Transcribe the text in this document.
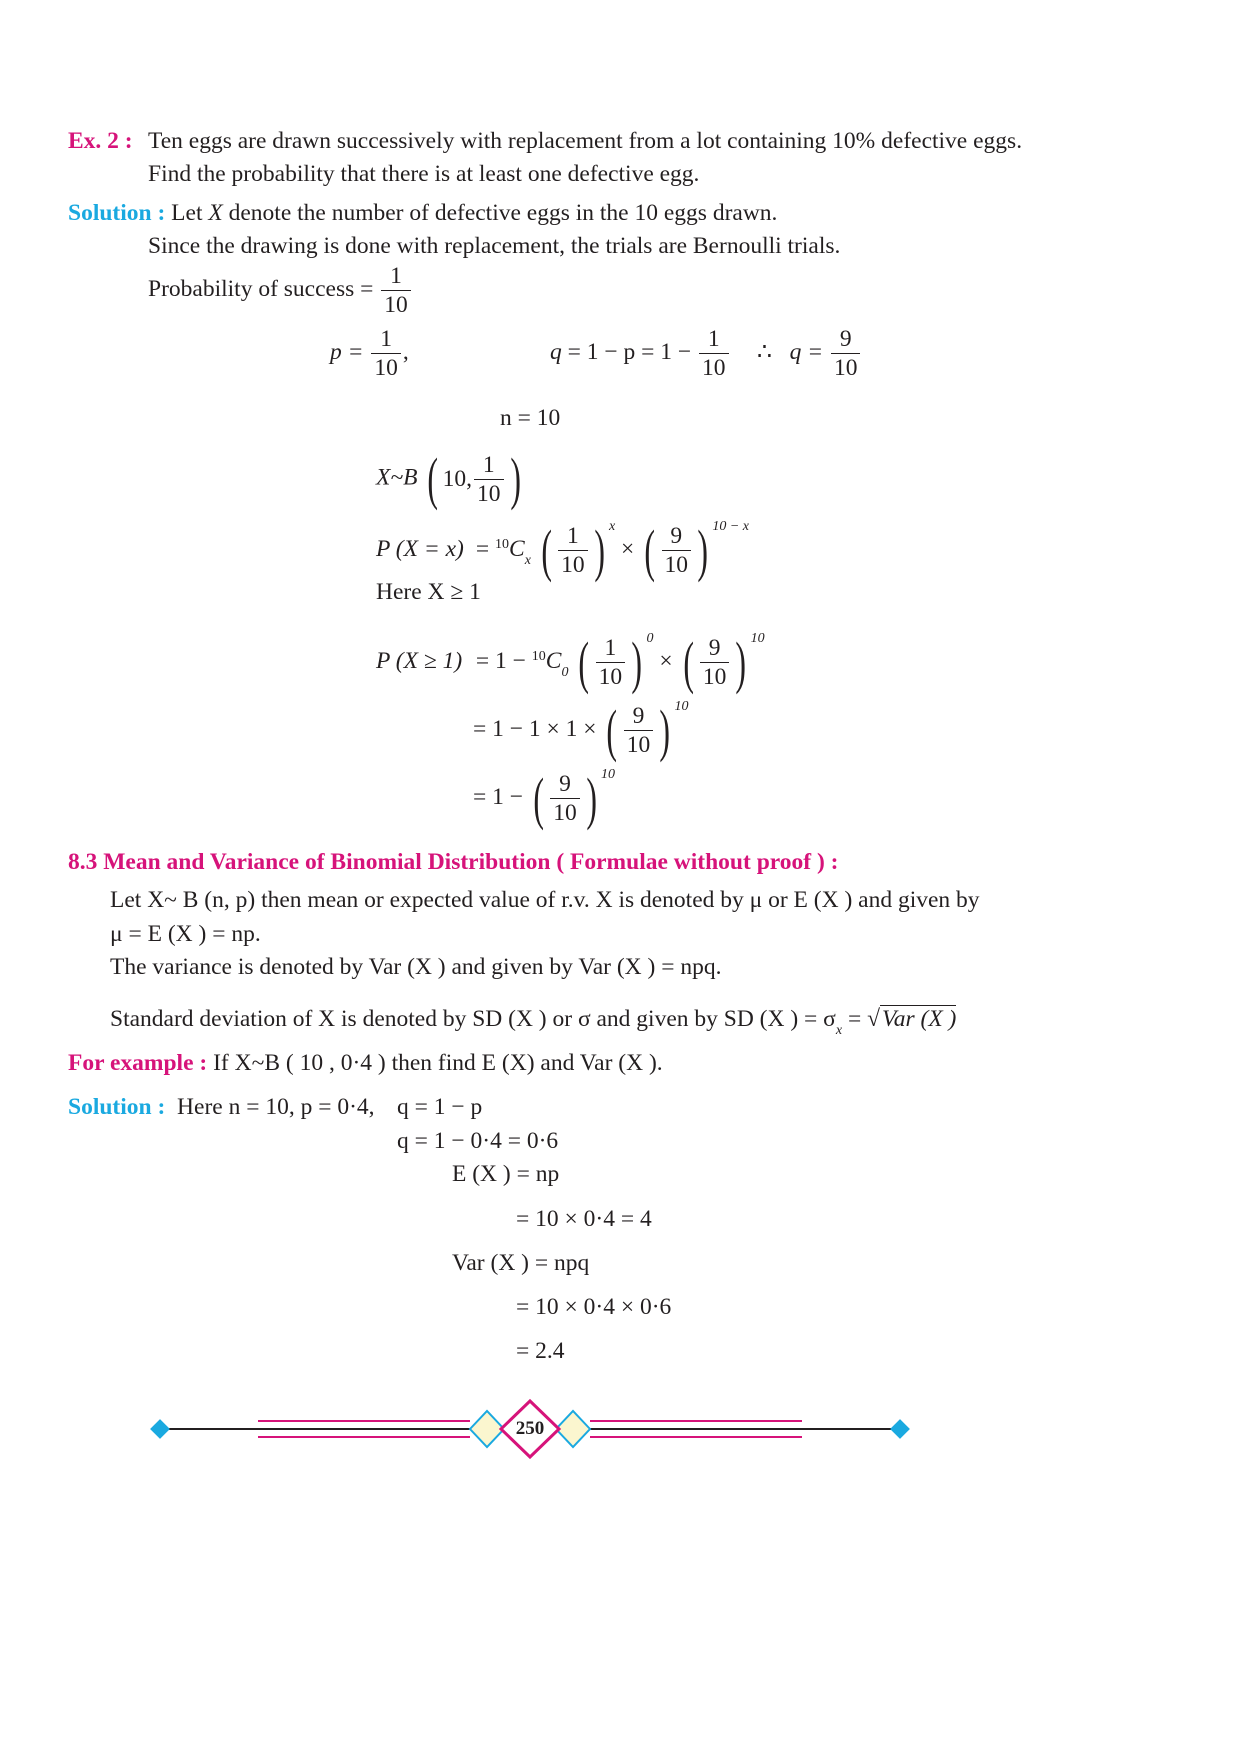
Ex. 2 : Ten eggs are drawn successively with replacement from a lot containing 10% defective eggs.
Find the probability that there is at least one defective egg.
Solution : Let X denote the number of defective eggs in the 10 eggs drawn.
Since the drawing is done with replacement, the trials are Bernoulli trials.
Probability of success = $\frac{1}{10}$
$p = \frac{1}{10}$ ,	$q = 1 - p = 1 - \frac{1}{10}$ ∴ $q = \frac{9}{10}$
n = 10
X~B ( 10, $\frac{1}{10}$ )
P $(X = x) = ^{10}C_x$ ( $\frac{1}{10}$ ) $^x$ × ( $\frac{9}{10}$ ) $^{10 - x}$
Here X ≥ 1
P $(X \ge 1) = 1 - ^{10}C_0$ ( $\frac{1}{10}$ ) $^0$ × ( $\frac{9}{10}$ ) $^{10}$
= 1 − 1 × 1 × ( $\frac{9}{10}$ ) $^{10}$
= 1 − ( $\frac{9}{10}$ ) $^{10}$
8.3 Mean and Variance of Binomial Distribution ( Formulae without proof ) :
Let X~ B (n, p) then mean or expected value of r.v. X is denoted by μ or E (X ) and given by
μ = E (X ) = np.
The variance is denoted by Var (X ) and given by Var (X ) = npq.
Standard deviation of X is denoted by SD (X ) or σ and given by SD (X ) = $\sigma_x = √Var$ (X )
For example : If X~B ( 10 , 0·4 ) then find E (X) and Var (X ).
Solution : Here n = 10, p = 0·4, q = 1 − p
q = 1 − 0·4 = 0·6
E (X ) = np
= 10 × 0·4 = 4
Var (X ) = npq
= 10 × 0·4 × 0·6
= 2.4
250
